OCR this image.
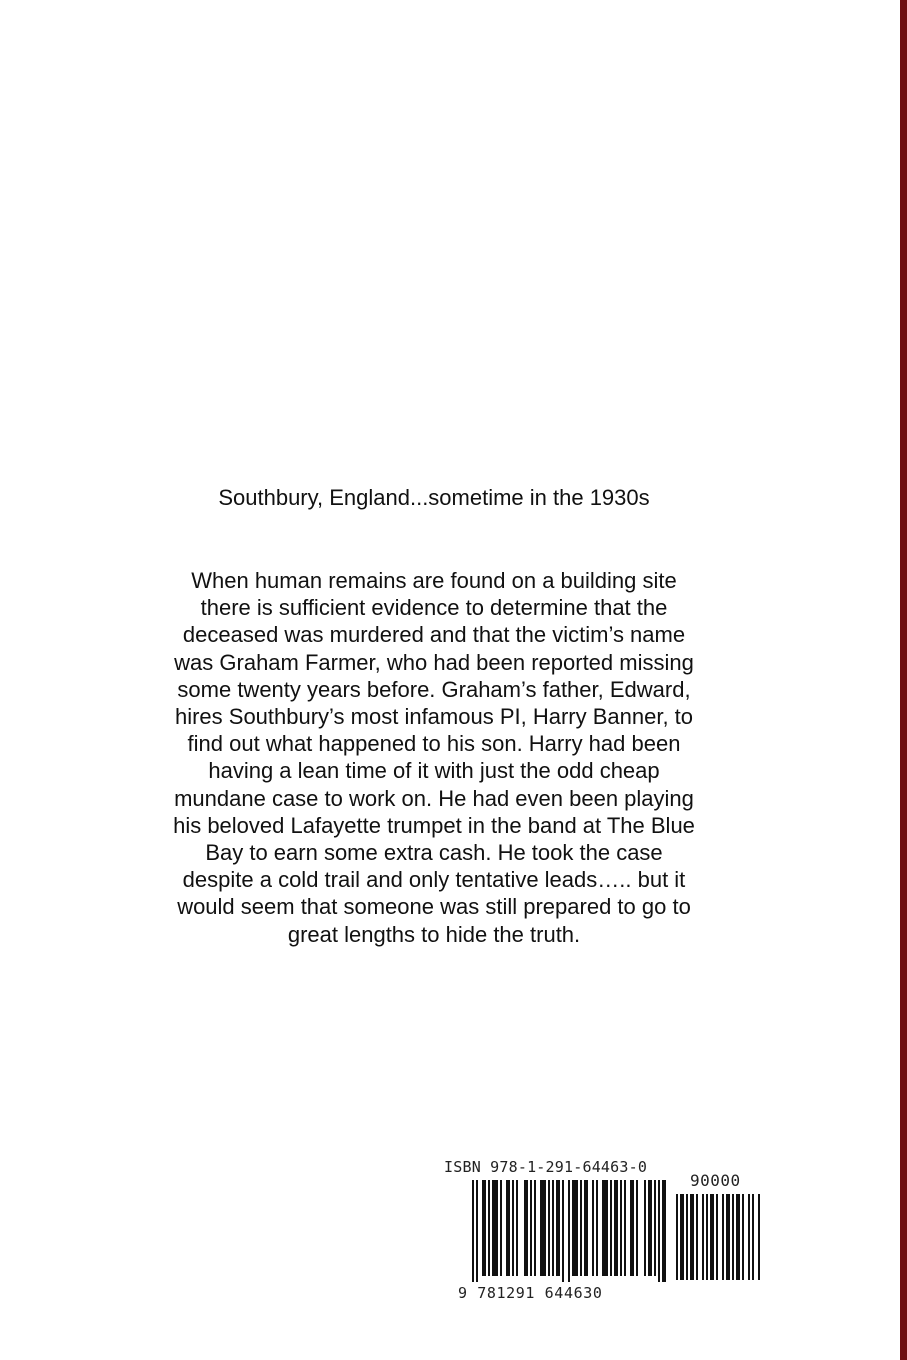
Southbury, England...sometime in the 1930s

When human remains are found on a building site
there is sufficient evidence to determine that the
deceased was murdered and that the victim’s name
was Graham Farmer, who had been reported missing
some twenty years before. Graham’s father, Edward,
hires Southbury’s most infamous PI, Harry Banner, to
find out what happened to his son. Harry had been
having a lean time of it with just the odd cheap
mundane case to work on. He had even been playing
his beloved Lafayette trumpet in the band at The Blue
Bay to earn some extra cash. He took the case
despite a cold trail and only tentative leads….. but it
would seem that someone was still prepared to go to
great lengths to hide the truth.
ISBN 978-1-291-64463-0
90000
9 781291 644630
